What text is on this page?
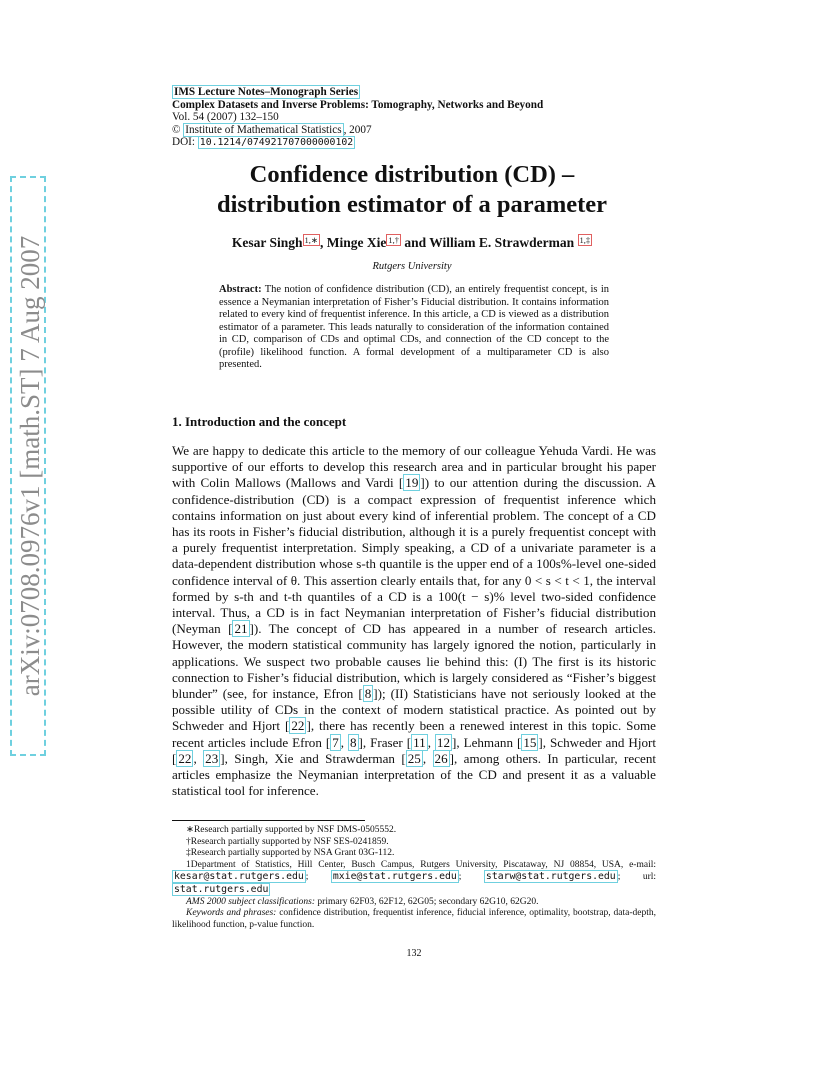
arXiv:0708.0976v1 [math.ST] 7 Aug 2007
IMS Lecture Notes–Monograph Series
Complex Datasets and Inverse Problems: Tomography, Networks and Beyond
Vol. 54 (2007) 132–150
© Institute of Mathematical Statistics , 2007
DOI: 10.1214/074921707000000102
Confidence distribution (CD) –
distribution estimator of a parameter
Kesar Singh $^{1,∗}$ , Minge Xie $^{1,\dagger}$ and William E. Strawderman $^{1,\ddagger}$
Rutgers University
Abstract: The notion of confidence distribution (CD), an entirely frequentist concept, is in essence a Neymanian interpretation of Fisher’s Fiducial distribution. It contains information related to every kind of frequentist inference. In this article, a CD is viewed as a distribution estimator of a parameter. This leads naturally to consideration of the information contained in CD, comparison of CDs and optimal CDs, and connection of the CD concept to the (profile) likelihood function. A formal development of a multiparameter CD is also presented.
1. Introduction and the concept
We are happy to dedicate this article to the memory of our colleague Yehuda Vardi. He was supportive of our efforts to develop this research area and in particular brought his paper with Colin Mallows (Mallows and Vardi [ 19 ]) to our attention during the discussion. A confidence-distribution (CD) is a compact expression of frequentist inference which contains information on just about every kind of inferential problem. The concept of a CD has its roots in Fisher’s fiducial distribution, although it is a purely frequentist concept with a purely frequentist interpretation. Simply speaking, a CD of a univariate parameter is a data-dependent distribution whose s-th quantile is the upper end of a 100s%-level one-sided confidence interval of θ. This assertion clearly entails that, for any 0 < s < t < 1, the interval formed by s-th and t-th quantiles of a CD is a 100(t − s)% level two-sided confidence interval. Thus, a CD is in fact Neymanian interpretation of Fisher’s fiducial distribution (Neyman [ 21 ]). The concept of CD has appeared in a number of research articles. However, the modern statistical community has largely ignored the notion, particularly in applications. We suspect two probable causes lie behind this: (I) The first is its historic connection to Fisher’s fiducial distribution, which is largely considered as “Fisher’s biggest blunder” (see, for instance, Efron [ 8 ]); (II) Statisticians have not seriously looked at the possible utility of CDs in the context of modern statistical practice. As pointed out by Schweder and Hjort [ 22 ], there has recently been a renewed interest in this topic. Some recent articles include Efron [ 7 , 8 ], Fraser [ 11 , 12 ], Lehmann [ 15 ], Schweder and Hjort [ 22 , 23 ], Singh, Xie and Strawderman [ 25 , 26 ], among others. In particular, recent articles emphasize the Neymanian interpretation of the CD and present it as a valuable statistical tool for inference.

∗Research partially supported by NSF DMS-0505552.

†Research partially supported by NSF SES-0241859.

‡Research partially supported by NSA Grant 03G-112.

1Department of Statistics, Hill Center, Busch Campus, Rutgers University, Piscataway, NJ 08854, USA, e-mail: kesar@stat.rutgers.edu ; mxie@stat.rutgers.edu ; starw@stat.rutgers.edu ; url: stat.rutgers.edu

AMS 2000 subject classifications: primary 62F03, 62F12, 62G05; secondary 62G10, 62G20.

Keywords and phrases: confidence distribution, frequentist inference, fiducial inference, optimality, bootstrap, data-depth, likelihood function, p-value function.

132
